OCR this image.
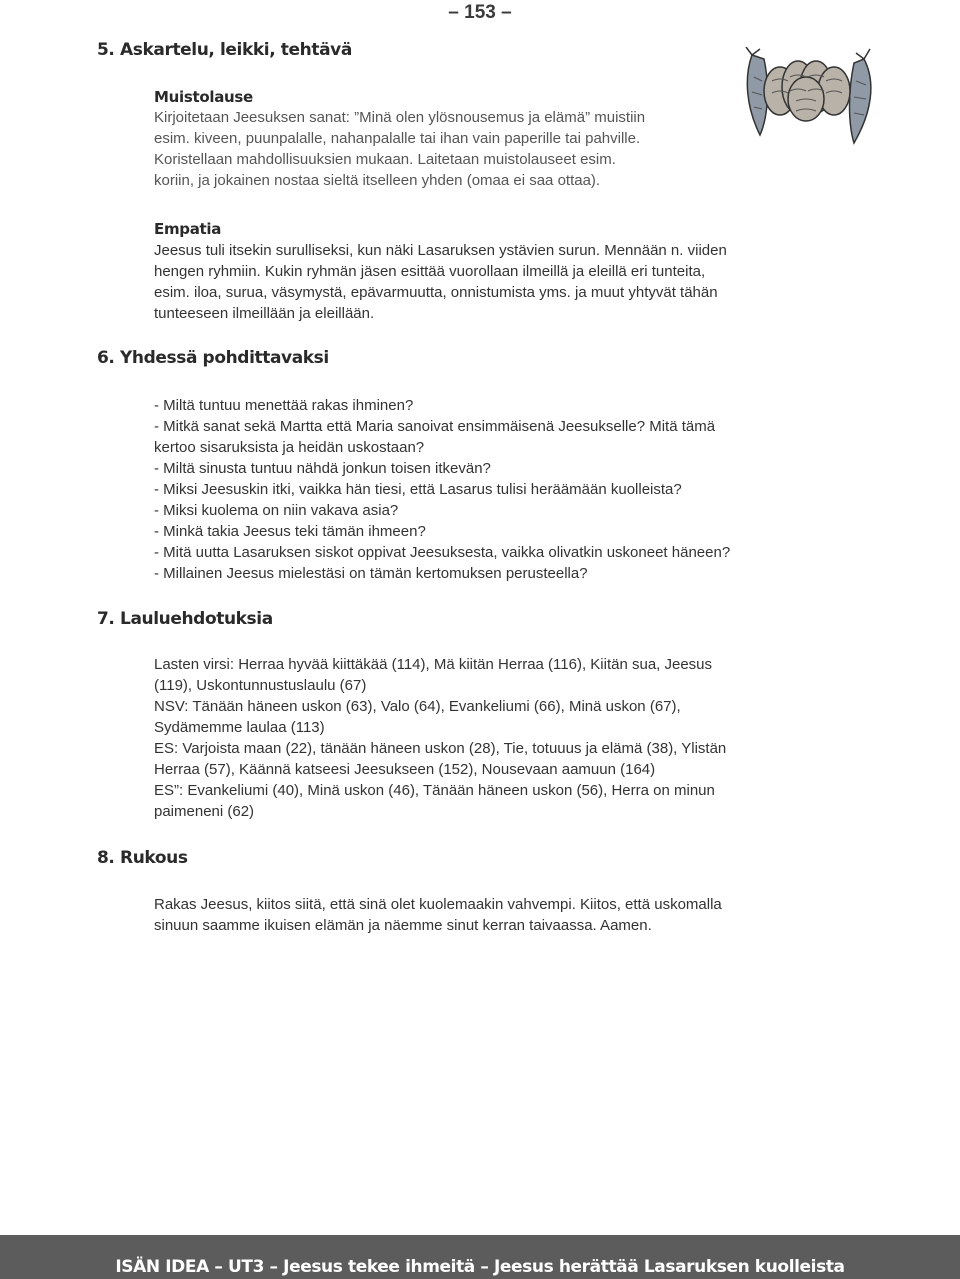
– 153 –
5. Askartelu, leikki, tehtävä
Muistolause

Kirjoitetaan Jeesuksen sanat: ”Minä olen ylösnousemus ja elämä” muistiin

esim. kiveen, puunpalalle, nahanpalalle tai ihan vain paperille tai pahville.

Koristellaan mahdollisuuksien mukaan. Laitetaan muistolauseet esim.

koriin, ja jokainen nostaa sieltä itselleen yhden (omaa ei saa ottaa).

Empatia

Jeesus tuli itsekin surulliseksi, kun näki Lasaruksen ystävien surun. Mennään n. viiden

hengen ryhmiin. Kukin ryhmän jäsen esittää vuorollaan ilmeillä ja eleillä eri tunteita,

esim. iloa, surua, väsymystä, epävarmuutta, onnistumista yms. ja muut yhtyvät tähän

tunteeseen ilmeillään ja eleillään.

6. Yhdessä pohdittavaksi

- Miltä tuntuu menettää rakas ihminen?

- Mitkä sanat sekä Martta että Maria sanoivat ensimmäisenä Jeesukselle? Mitä tämä

kertoo sisaruksista ja heidän uskostaan?

- Miltä sinusta tuntuu nähdä jonkun toisen itkevän?

- Miksi Jeesuskin itki, vaikka hän tiesi, että Lasarus tulisi heräämään kuolleista?

- Miksi kuolema on niin vakava asia?

- Minkä takia Jeesus teki tämän ihmeen?

- Mitä uutta Lasaruksen siskot oppivat Jeesuksesta, vaikka olivatkin uskoneet häneen?

- Millainen Jeesus mielestäsi on tämän kertomuksen perusteella?

7. Lauluehdotuksia

Lasten virsi: Herraa hyvää kiittäkää (114), Mä kiitän Herraa (116), Kiitän sua, Jeesus

(119), Uskontunnustuslaulu (67)

NSV: Tänään häneen uskon (63), Valo (64), Evankeliumi (66), Minä uskon (67),

Sydämemme laulaa (113)

ES: Varjoista maan (22), tänään häneen uskon (28), Tie, totuuus ja elämä (38), Ylistän

Herraa (57), Käännä katseesi Jeesukseen (152), Nousevaan aamuun (164)

ES”: Evankeliumi (40), Minä uskon (46), Tänään häneen uskon (56), Herra on minun

paimeneni (62)

8. Rukous

Rakas Jeesus, kiitos siitä, että sinä olet kuolemaakin vahvempi. Kiitos, että uskomalla

sinuun saamme ikuisen elämän ja näemme sinut kerran taivaassa. Aamen.

ISÄN IDEA – UT3 – Jeesus tekee ihmeitä – Jeesus herättää Lasaruksen kuolleista
